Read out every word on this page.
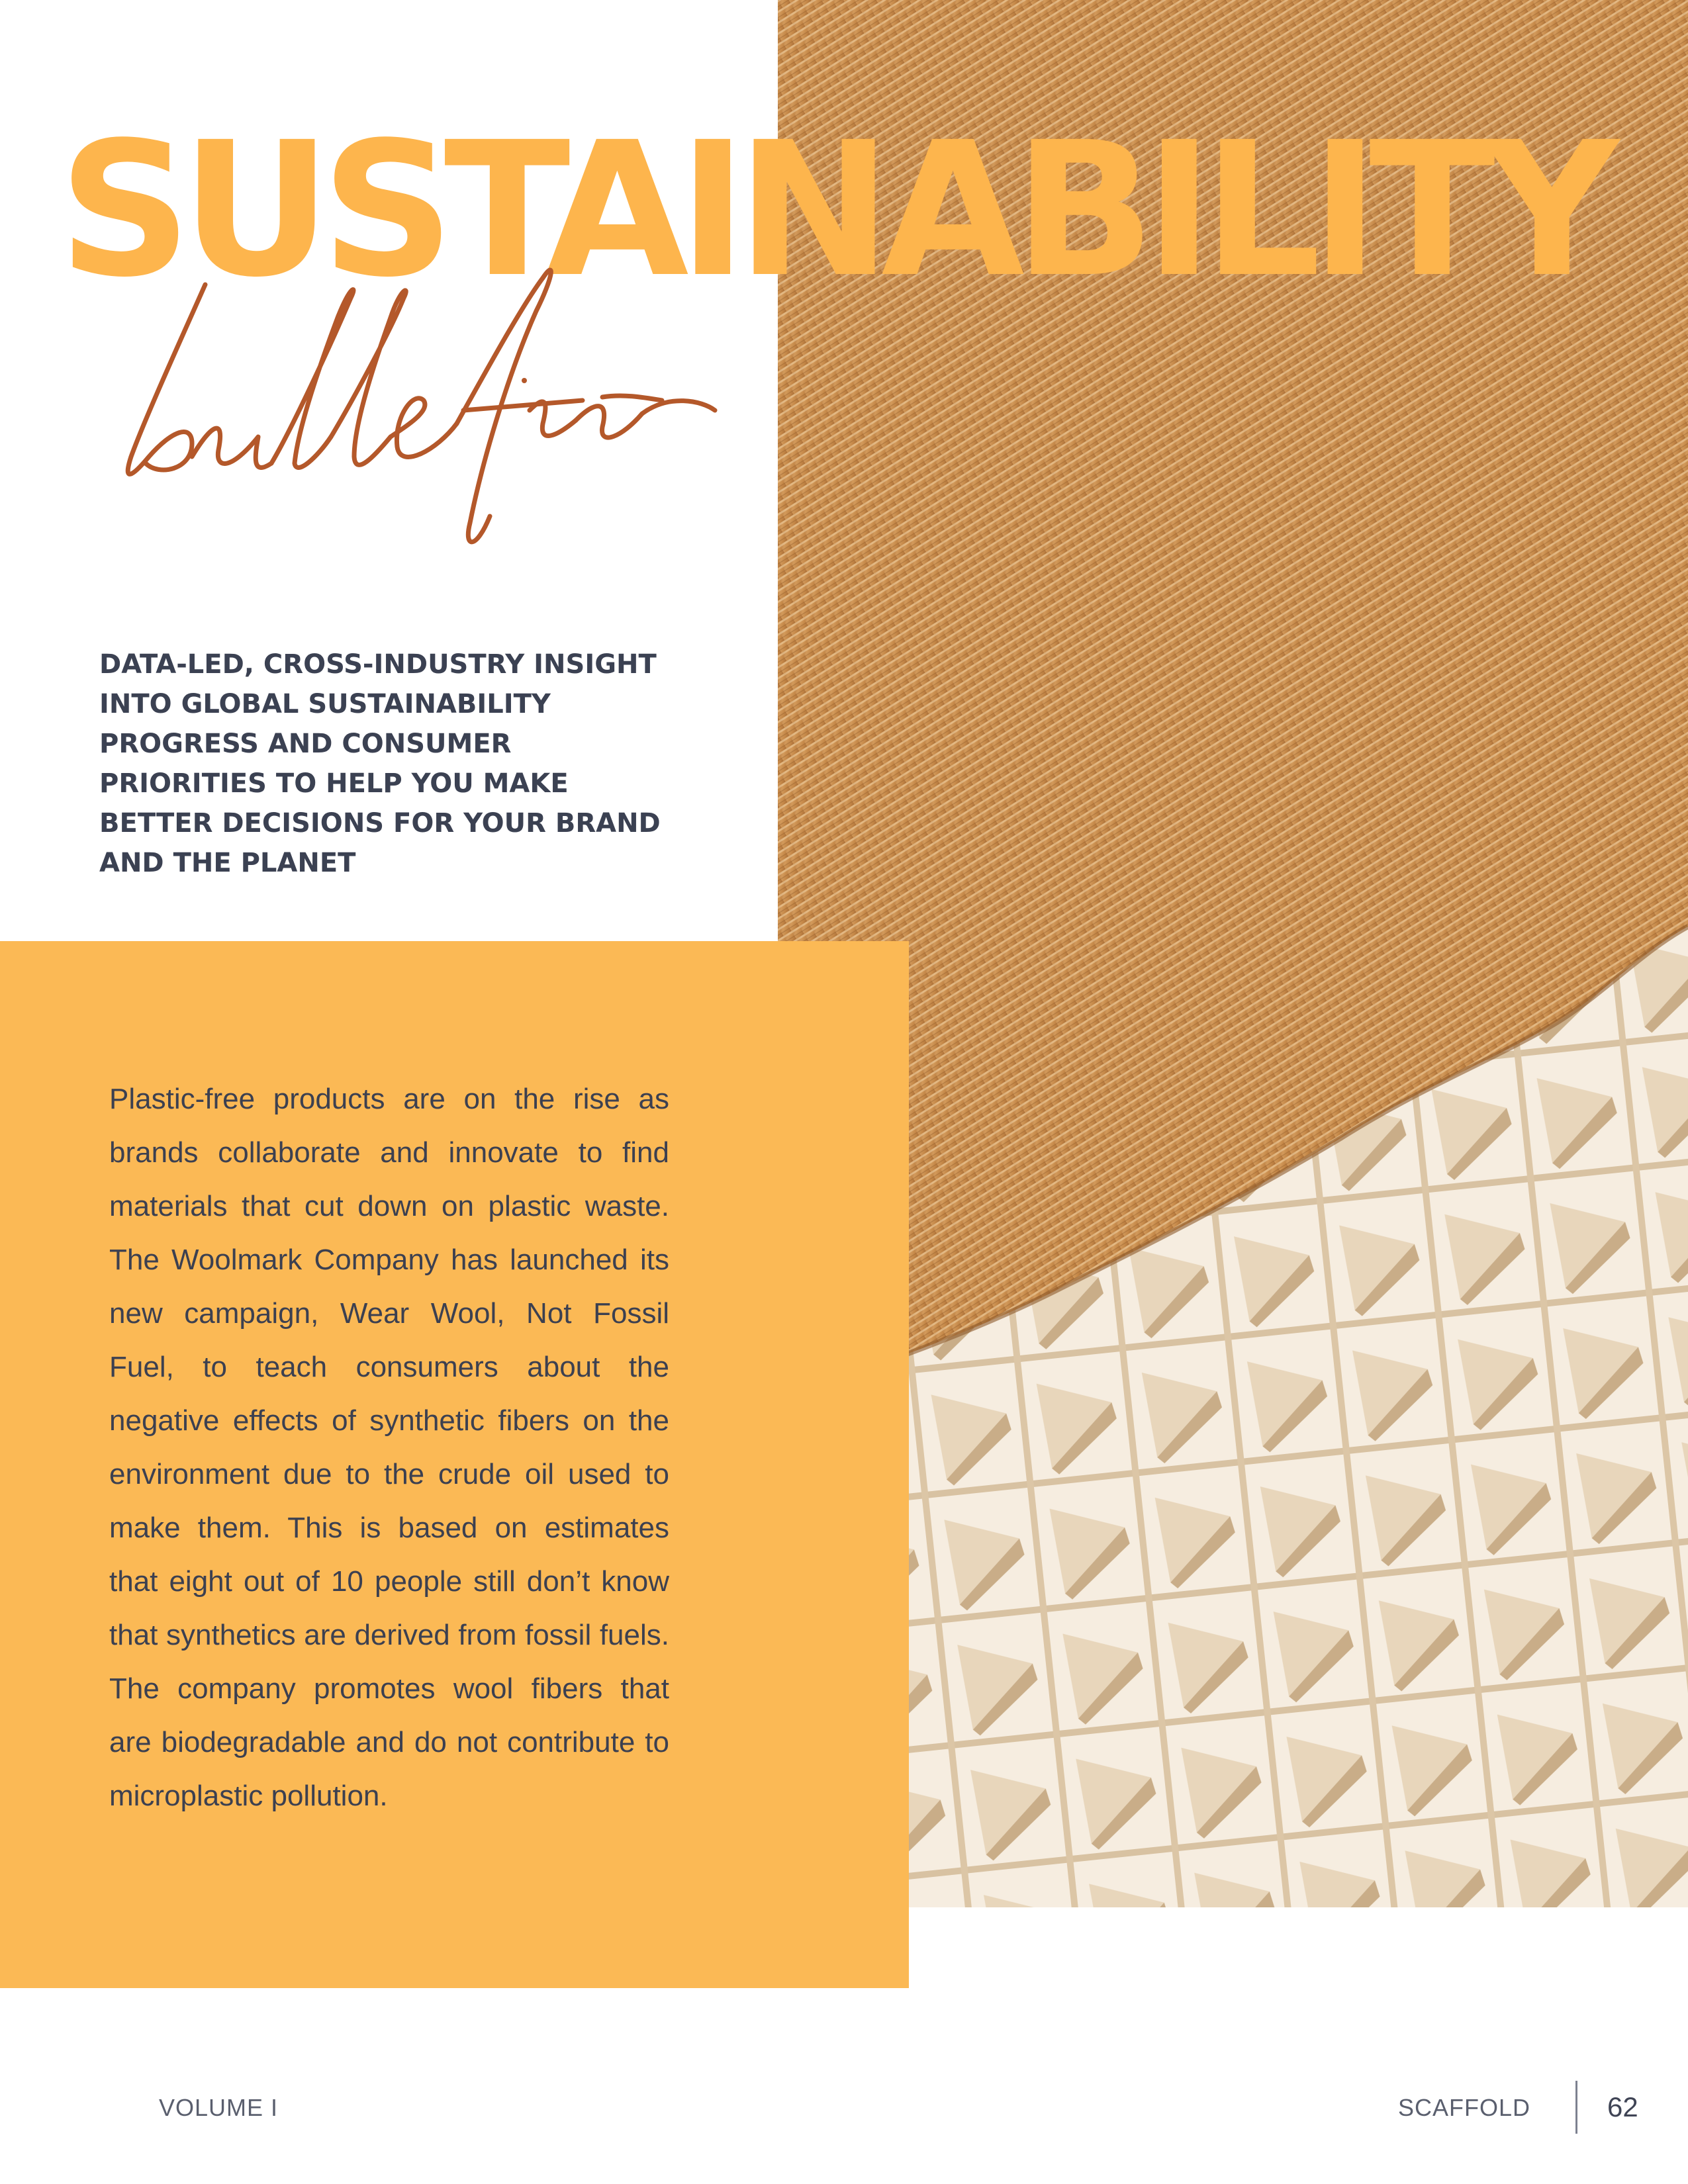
SUSTAINABILITY

DATA-LED, CROSS-INDUSTRY INSIGHT INTO GLOBAL SUSTAINABILITY PROGRESS AND CONSUMER PRIORITIES TO HELP YOU MAKE BETTER DECISIONS FOR YOUR BRAND AND THE PLANET

Plastic-free products are on the rise as brands collaborate and innovate to find materials that cut down on plastic waste. The Woolmark Company has launched its new campaign, Wear Wool, Not Fossil Fuel, to teach consumers about the negative effects of synthetic fibers on the environment due to the crude oil used to make them. This is based on estimates that eight out of 10 people still don’t know that synthetics are derived from fossil fuels. The company promotes wool fibers that are biodegradable and do not contribute to microplastic pollution.

VOLUME I	SCAFFOLD	62
